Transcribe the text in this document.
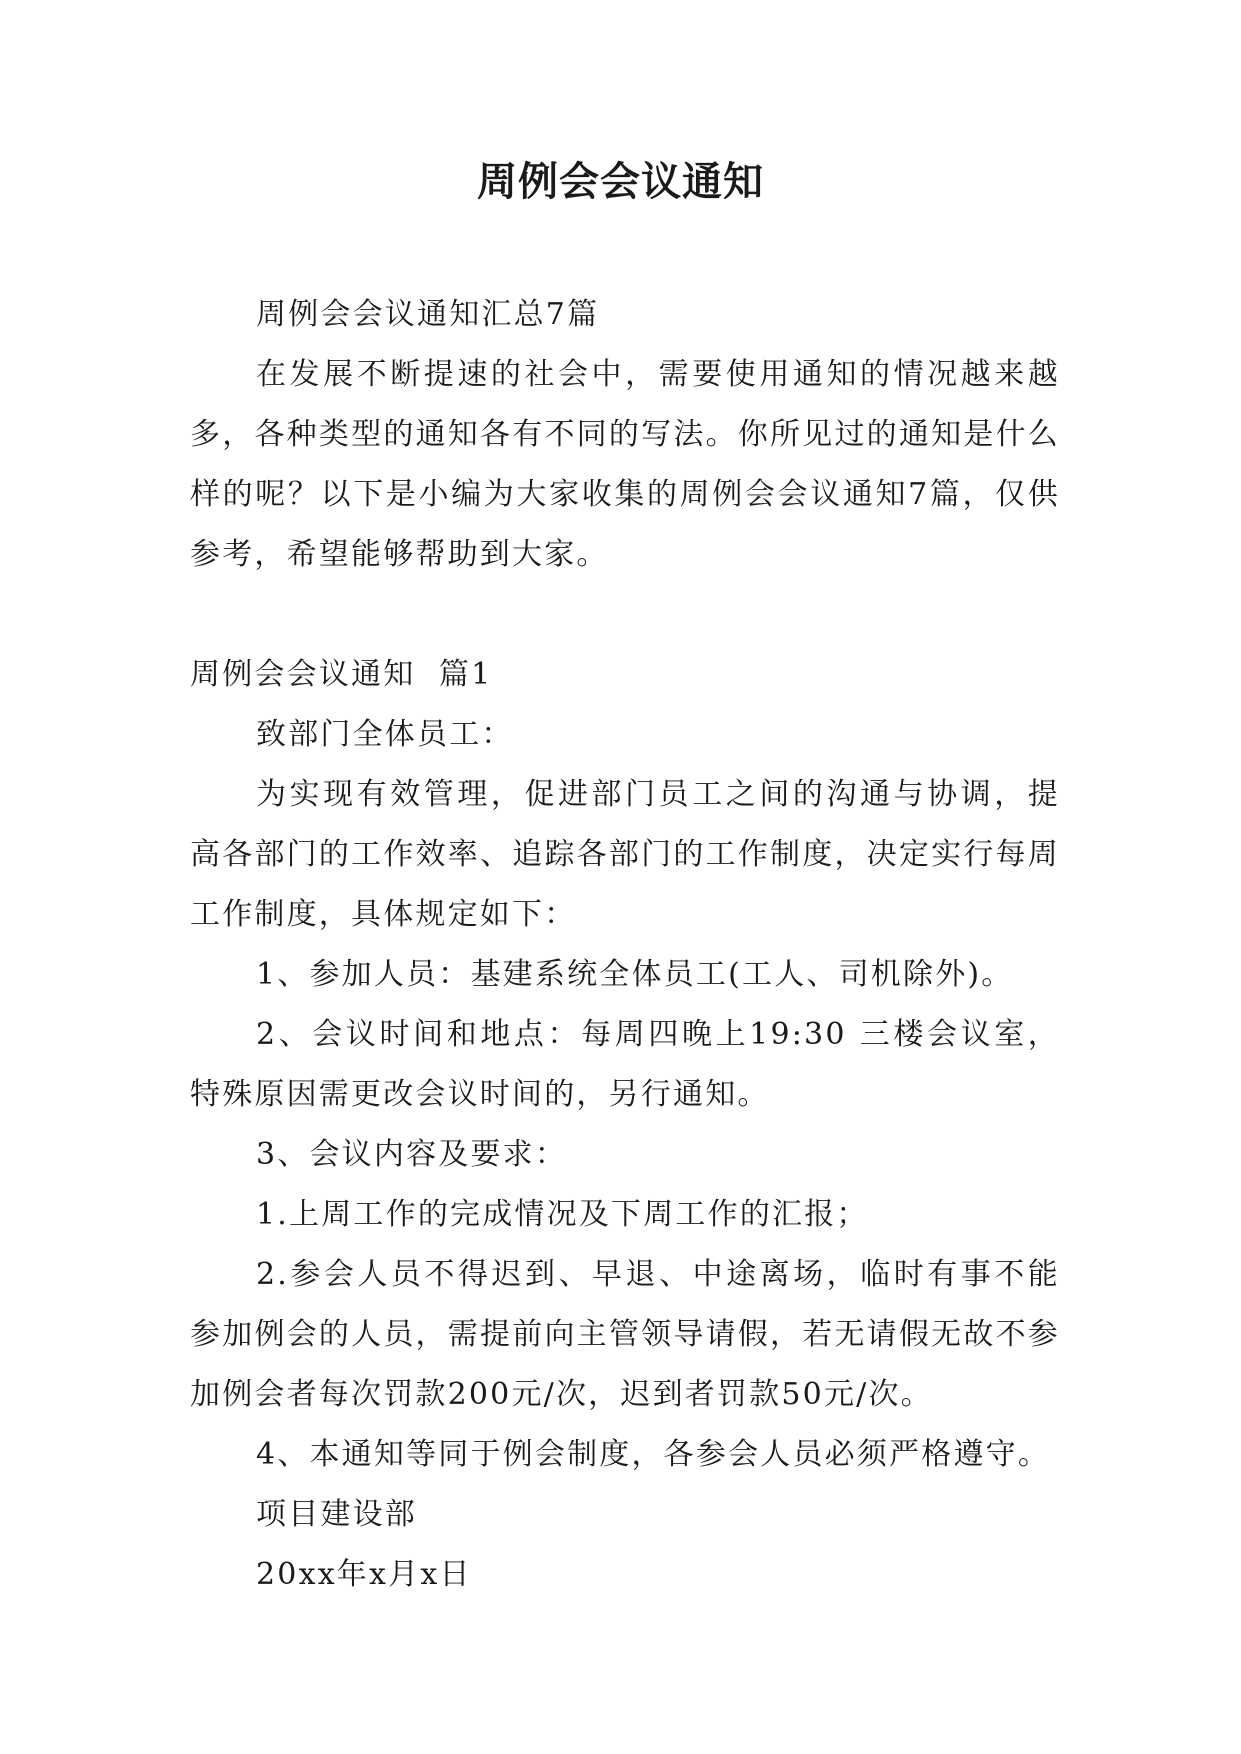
周例会会议通知

周例会会议通知汇总7篇

在发展不断提速的社会中，需要使用通知的情况越来越多，各种类型的通知各有不同的写法。你所见过的通知是什么样的呢？以下是小编为大家收集的周例会会议通知7篇，仅供参考，希望能够帮助到大家。

周例会会议通知  篇1

致部门全体员工：

为实现有效管理，促进部门员工之间的沟通与协调，提高各部门的工作效率、追踪各部门的工作制度，决定实行每周工作制度，具体规定如下：

1、参加人员：基建系统全体员工(工人、司机除外)。

2、会议时间和地点：每周四晚上19:30 三楼会议室，特殊原因需更改会议时间的，另行通知。

3、会议内容及要求：

1.上周工作的完成情况及下周工作的汇报；

2.参会人员不得迟到、早退、中途离场，临时有事不能参加例会的人员，需提前向主管领导请假，若无请假无故不参加例会者每次罚款200元/次，迟到者罚款50元/次。

4、本通知等同于例会制度，各参会人员必须严格遵守。

项目建设部

20xx年x月x日
